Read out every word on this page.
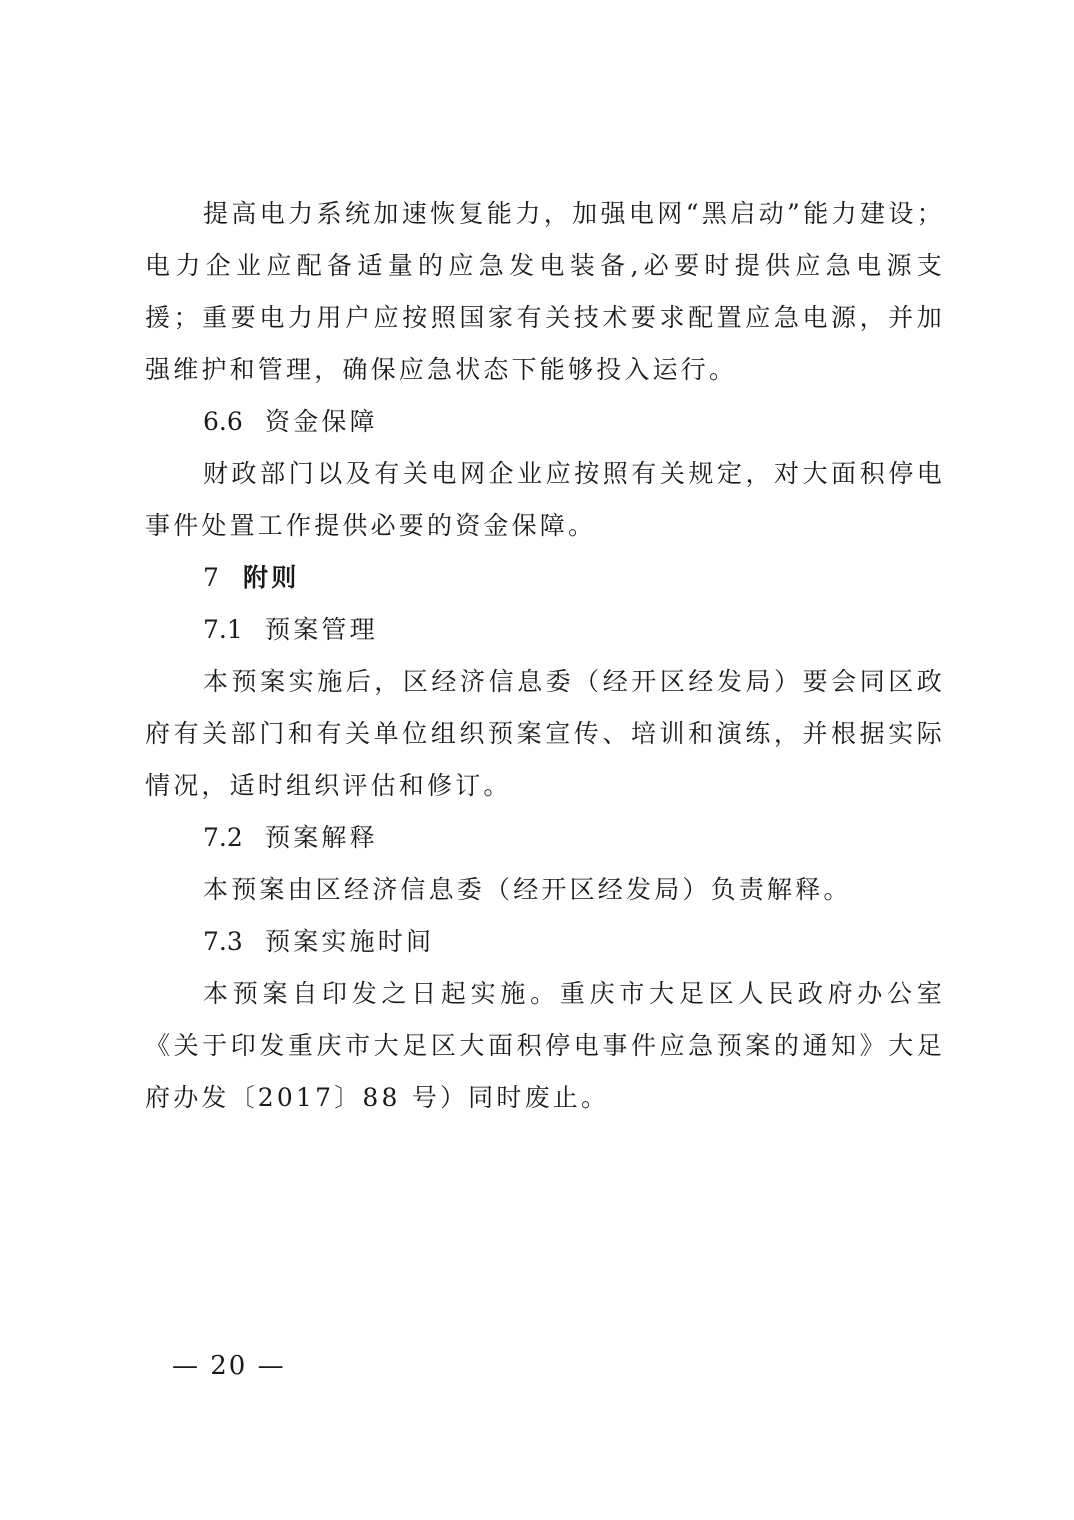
提高电力系统加速恢复能力，加强电网“黑启动”能力建设；电力企业应配备适量的应急发电装备,必要时提供应急电源支援；重要电力用户应按照国家有关技术要求配置应急电源，并加强维护和管理，确保应急状态下能够投入运行。

6.6 资金保障

财政部门以及有关电网企业应按照有关规定，对大面积停电事件处置工作提供必要的资金保障。

7 附则

7.1 预案管理

本预案实施后，区经济信息委（经开区经发局）要会同区政府有关部门和有关单位组织预案宣传、培训和演练，并根据实际情况，适时组织评估和修订。

7.2 预案解释

本预案由区经济信息委（经开区经发局）负责解释。

7.3 预案实施时间

本预案自印发之日起实施。重庆市大足区人民政府办公室《关于印发重庆市大足区大面积停电事件应急预案的通知》大足府办发〔2017〕88 号）同时废止。

— 20 —
